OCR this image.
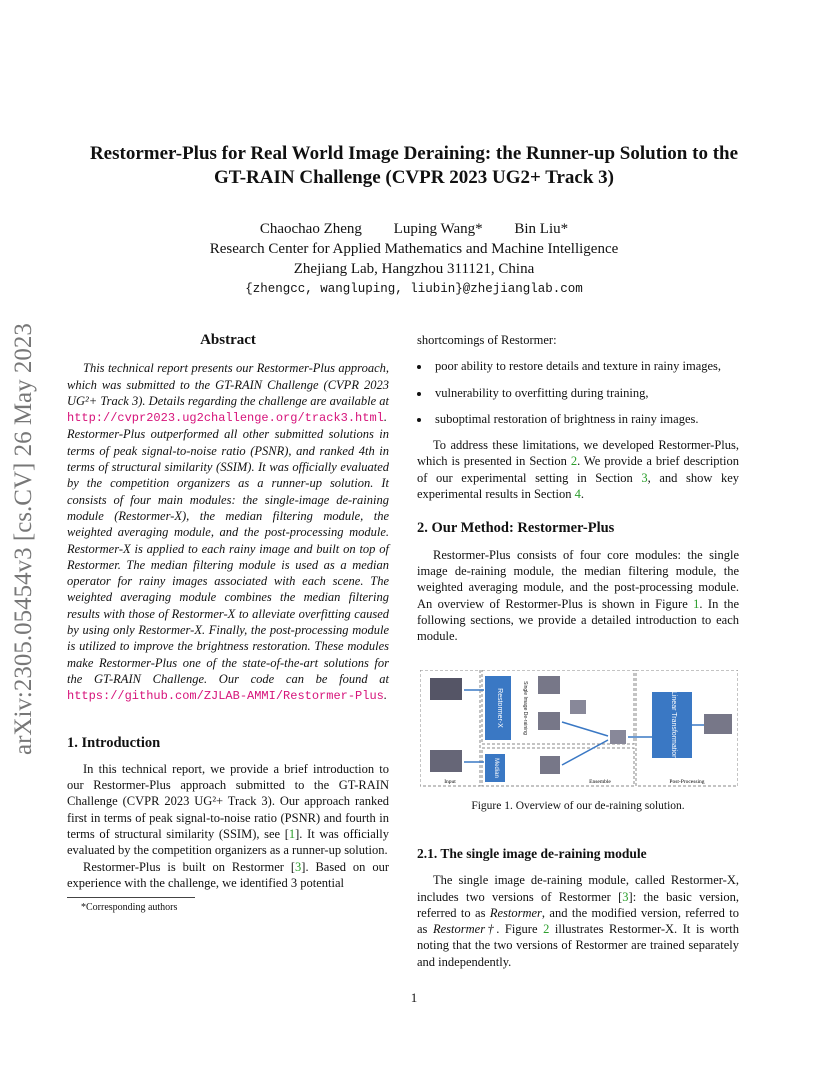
Restormer-Plus for Real World Image Deraining: the Runner-up Solution to the
GT-RAIN Challenge (CVPR 2023 UG2+ Track 3)
Chaochao Zheng Luping Wang* Bin Liu*
Research Center for Applied Mathematics and Machine Intelligence
Zhejiang Lab, Hangzhou 311121, China
{zhengcc, wangluping, liubin}@zhejianglab.com
arXiv:2305.05454v3 [cs.CV] 26 May 2023	Abstract

This technical report presents our Restormer-Plus approach, which was submitted to the GT-RAIN Challenge (CVPR 2023 UG²+ Track 3). Details regarding the challenge are available at http://cvpr2023.ug2challenge.org/track3.html. Restormer-Plus outperformed all other submitted solutions in terms of peak signal-to-noise ratio (PSNR), and ranked 4th in terms of structural similarity (SSIM). It was officially evaluated by the competition organizers as a runner-up solution. It consists of four main modules: the single-image de-raining module (Restormer-X), the median filtering module, the weighted averaging module, and the post-processing module. Restormer-X is applied to each rainy image and built on top of Restormer. The median filtering module is used as a median operator for rainy images associated with each scene. The weighted averaging module combines the median filtering results with those of Restormer-X to alleviate overfitting caused by using only Restormer-X. Finally, the post-processing module is utilized to improve the brightness restoration. These modules make Restormer-Plus one of the state-of-the-art solutions for the GT-RAIN Challenge. Our code can be found at https://github.com/ZJLAB-AMMI/Restormer-Plus.

1. Introduction

In this technical report, we provide a brief introduction to our Restormer-Plus approach submitted to the GT-RAIN Challenge (CVPR 2023 UG²+ Track 3). Our approach ranked first in terms of peak signal-to-noise ratio (PSNR) and fourth in terms of structural similarity (SSIM), see [1]. It was officially evaluated by the competition organizers as a runner-up solution.

Restormer-Plus is built on Restormer [3]. Based on our experience with the challenge, we identified 3 potential

*Corresponding authors

shortcomings of Restormer:

• poor ability to restore details and texture in rainy images,
• vulnerability to overfitting during training,
• suboptimal restoration of brightness in rainy images.

To address these limitations, we developed Restormer-Plus, which is presented in Section 2. We provide a brief description of our experimental setting in Section 3, and show key experimental results in Section 4.

2. Our Method: Restormer-Plus

Restormer-Plus consists of four core modules: the single image de-raining module, the median filtering module, the weighted averaging module, and the post-processing module. An overview of Restormer-Plus is shown in Figure 1. In the following sections, we provide a detailed introduction to each module.

Restormer-X	Single Image De-raining
Median
Linear Transformation
Input	Ensemble	Post-Processing
Figure 1. Overview of our de-raining solution.
2.1. The single image de-raining module

The single image de-raining module, called Restormer-X, includes two versions of Restormer [3]: the basic version, referred to as Restormer, and the modified version, referred to as Restormer†. Figure 2 illustrates Restormer-X. It is worth noting that the two versions of Restormer are trained separately and independently.

1
